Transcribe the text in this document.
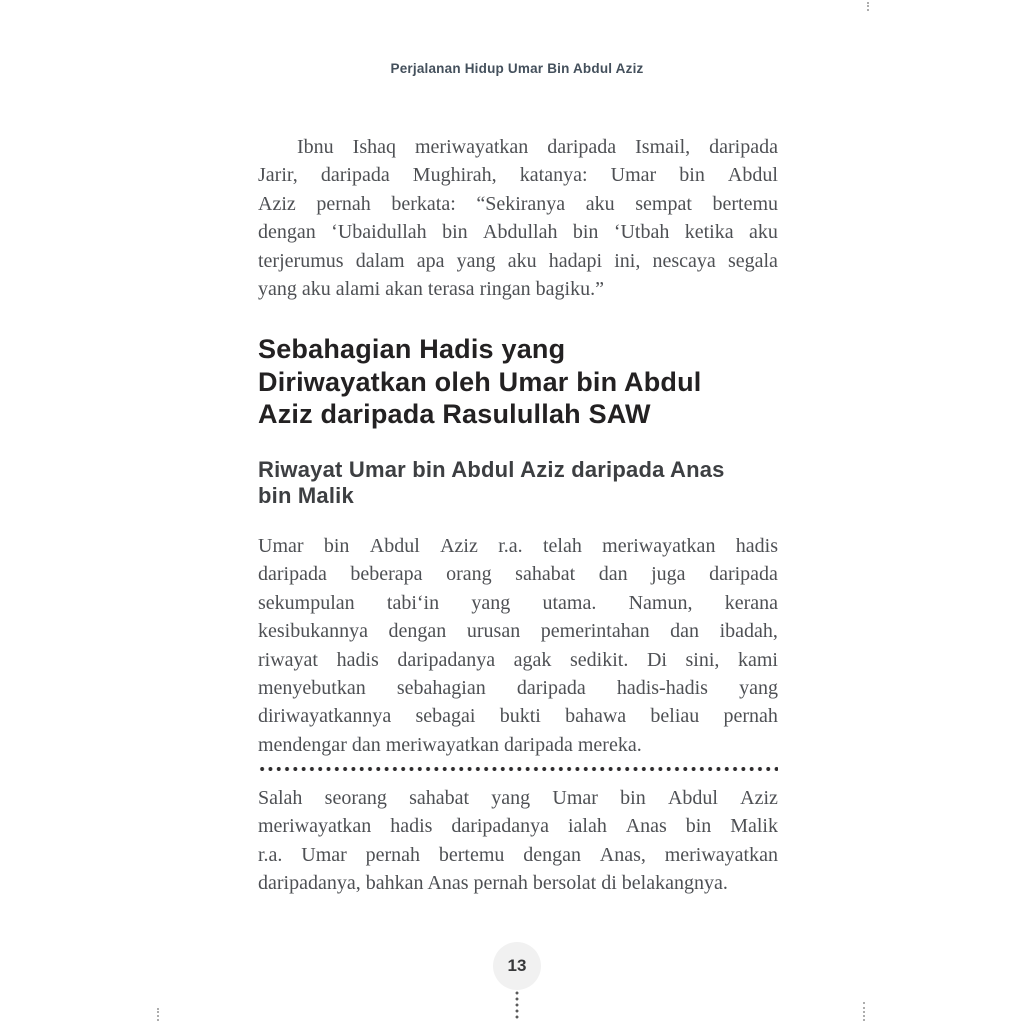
Perjalanan Hidup Umar Bin Abdul Aziz
Ibnu Ishaq meriwayatkan daripada Ismail, daripada
Jarir, daripada Mughirah, katanya: Umar bin Abdul
Aziz pernah berkata: “Sekiranya aku sempat bertemu
dengan ‘Ubaidullah bin Abdullah bin ‘Utbah ketika aku
terjerumus dalam apa yang aku hadapi ini, nescaya segala
yang aku alami akan terasa ringan bagiku.”
Sebahagian Hadis yang
Diriwayatkan oleh Umar bin Abdul
Aziz daripada Rasulullah SAW
Riwayat Umar bin Abdul Aziz daripada Anas
bin Malik
Umar bin Abdul Aziz r.a. telah meriwayatkan hadis
daripada beberapa orang sahabat dan juga daripada
sekumpulan tabi‘in yang utama. Namun, kerana
kesibukannya dengan urusan pemerintahan dan ibadah,
riwayat hadis daripadanya agak sedikit. Di sini, kami
menyebutkan sebahagian daripada hadis-hadis yang
diriwayatkannya sebagai bukti bahawa beliau pernah
mendengar dan meriwayatkan daripada mereka.
Salah seorang sahabat yang Umar bin Abdul Aziz
meriwayatkan hadis daripadanya ialah Anas bin Malik
r.a. Umar pernah bertemu dengan Anas, meriwayatkan
daripadanya, bahkan Anas pernah bersolat di belakangnya.
13
